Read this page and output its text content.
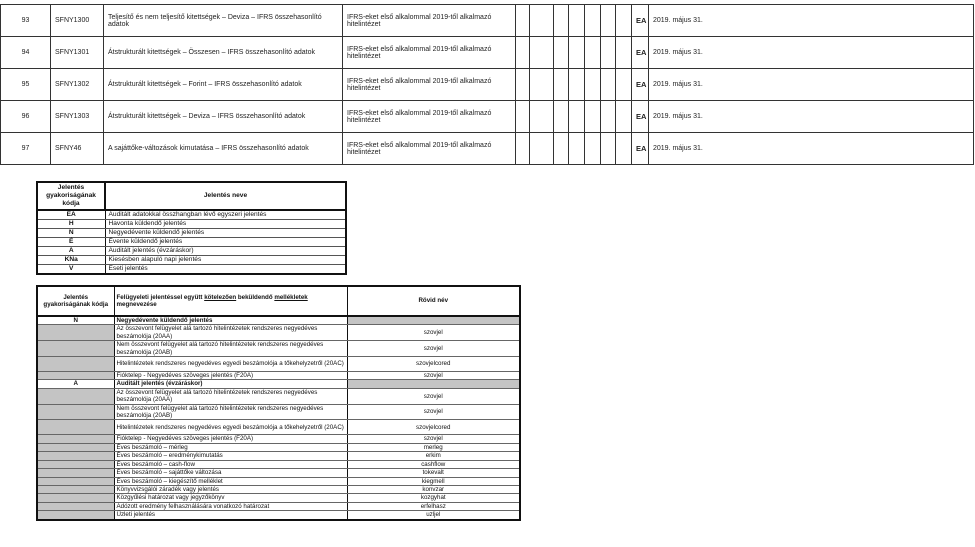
93	SFNY1300	Teljesítő és nem teljesítő kitettségek – Deviza – IFRS összehasonlító adatok	IFRS-eket első alkalommal 2019-től alkalmazó hitelintézet								EA	2019. május 31.
94	SFNY1301	Átstrukturált kitettségek – Összesen – IFRS összehasonlító adatok	IFRS-eket első alkalommal 2019-től alkalmazó hitelintézet								EA	2019. május 31.
95	SFNY1302	Átstrukturált kitettségek – Forint – IFRS összehasonlító adatok	IFRS-eket első alkalommal 2019-től alkalmazó hitelintézet								EA	2019. május 31.
96	SFNY1303	Átstrukturált kitettségek – Deviza – IFRS összehasonlító adatok	IFRS-eket első alkalommal 2019-től alkalmazó hitelintézet								EA	2019. május 31.
97	SFNY46	A sajáttőke-változások kimutatása – IFRS összehasonlító adatok	IFRS-eket első alkalommal 2019-től alkalmazó hitelintézet								EA	2019. május 31.
Jelentés gyakoriságának kódja	Jelentés neve
EA	Auditált adatokkal összhangban lévő egyszeri jelentés
H	Havonta küldendő jelentés
N	Negyedévente küldendő jelentés
É	Évente küldendő jelentés
A	Auditált jelentés (évzáráskor)
KNa	Kiesésben alapuló napi jelentés
V	Eseti jelentés
Jelentés gyakoriságának kódja	Felügyeleti jelentéssel együtt kötelezően beküldendő mellékletek megnevezése	Rövid név
N	Negyedévente küldendő jelentés	
	Az összevont felügyelet alá tartozó hitelintézetek rendszeres negyedéves beszámolója (20AA)	szovjel
	Nem összevont felügyelet alá tartozó hitelintézetek rendszeres negyedéves beszámolója (20AB)	szovjel
	Hitelintézetek rendszeres negyedéves egyedi beszámolója a tőkehelyzetről (20AC)	szovjelcored
	Fióktelep - Negyedéves szöveges jelentés (F20A)	szovjel
A	Auditált jelentés (évzáráskor)	
	Az összevont felügyelet alá tartozó hitelintézetek rendszeres negyedéves beszámolója (20AA)	szovjel
	Nem összevont felügyelet alá tartozó hitelintézetek rendszeres negyedéves beszámolója (20AB)	szovjel
	Hitelintézetek rendszeres negyedéves egyedi beszámolója a tőkehelyzetről (20AC)	szovjelcored
	Fióktelep - Negyedéves szöveges jelentés (F20A)	szovjel
	Éves beszámoló – mérleg	merleg
	Éves beszámoló – eredménykimutatás	erkim
	Éves beszámoló – cash-flow	cashflow
	Éves beszámoló – sajáttőke változása	tokevalt
	Éves beszámoló – kiegészítő melléklet	kiegmell
	Könyvvizsgálói záradék vagy jelentés	konvzar
	Közgyűlési határozat vagy jegyzőkönyv	kozgyhat
	Adózott eredmény felhasználására vonatkozó határozat	erfelhasz
	Üzleti jelentés	uzljel
